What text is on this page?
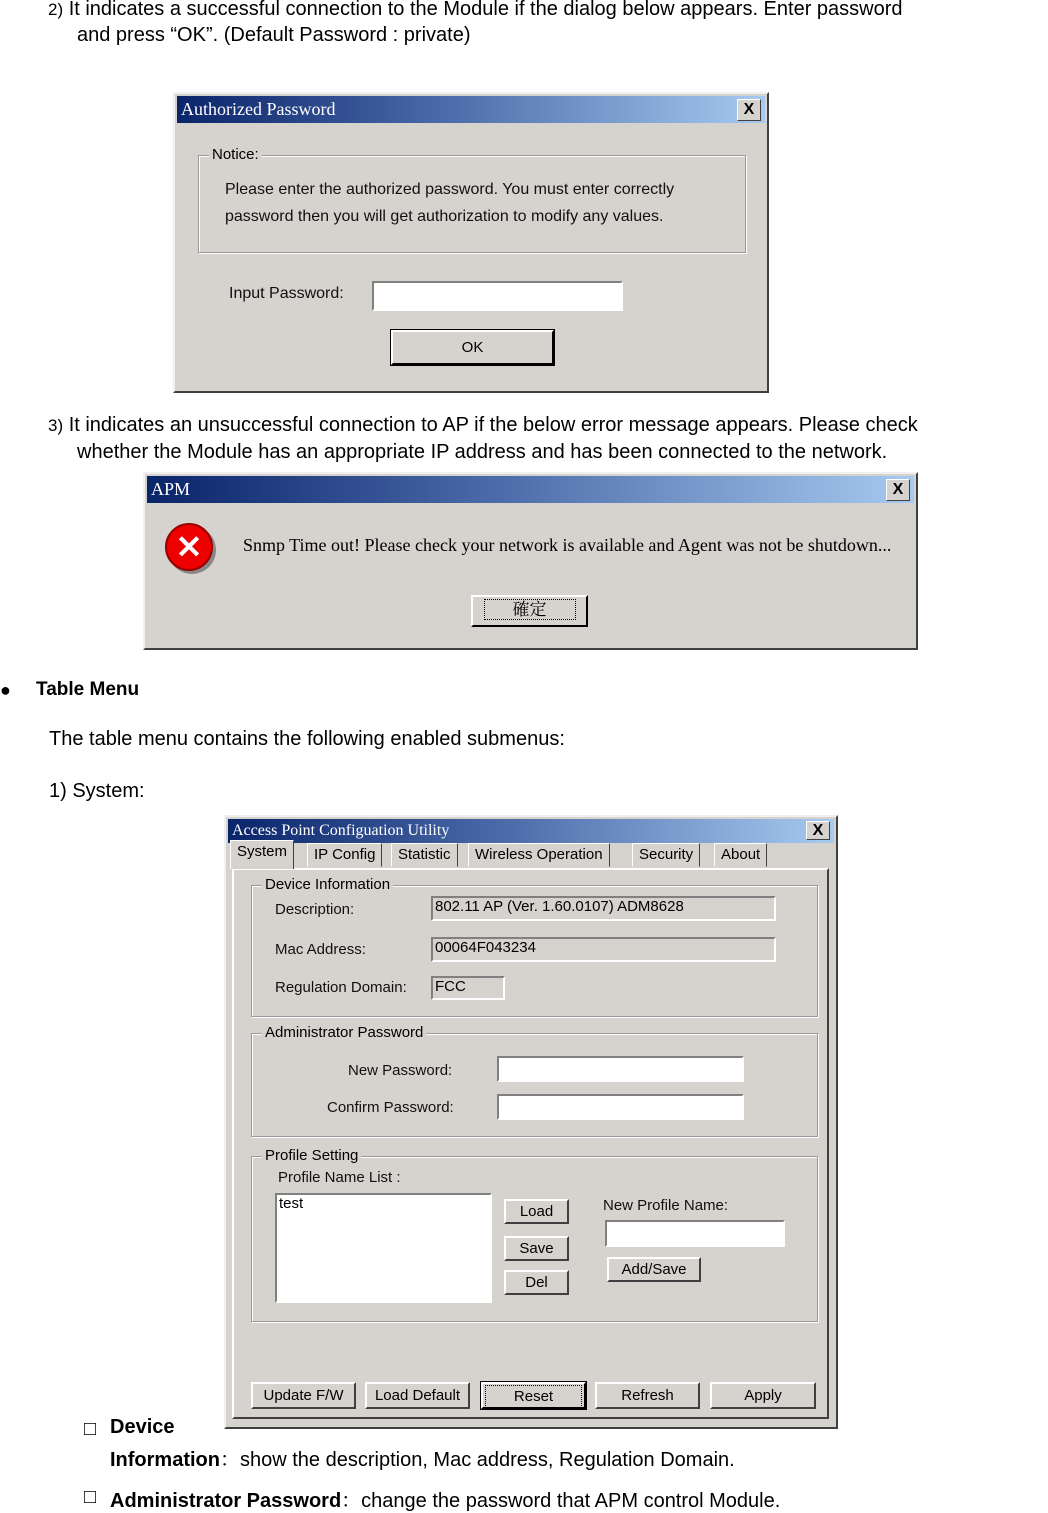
2) It indicates a successful connection to the Module if the dialog below appears. Enter password
and press “OK”. (Default Password : private)
Authorized Password	X
Notice:
Please enter the authorized password. You must enter correctly
password then you will get authorization to modify any values.
Input Password:
OK
3) It indicates an unsuccessful connection to AP if the below error message appears. Please check
whether the Module has an appropriate IP address and has been connected to the network.
APM	X
✕	Snmp Time out! Please check your network is available and Agent was not be shutdown...
確定
● Table Menu
The table menu contains the following enabled submenus:
1) System:
Access Point Configuation Utility	X
System	IP Config	Statistic	Wireless Operation	Security	About
Device Information
Description:	802.11 AP (Ver. 1.60.0107) ADM8628
Mac Address:	00064F043234
Regulation Domain: FCC
Administrator Password
New Password:
Confirm Password:
Profile Setting
Profile Name List :
test	Load
Save
Del
New Profile Name:
Add/Save
Update F/W	Load Default	Reset	Refresh	Apply
□ Device
Information：show the description, Mac address, Regulation Domain.
□ Administrator Password：change the password that APM control Module.
